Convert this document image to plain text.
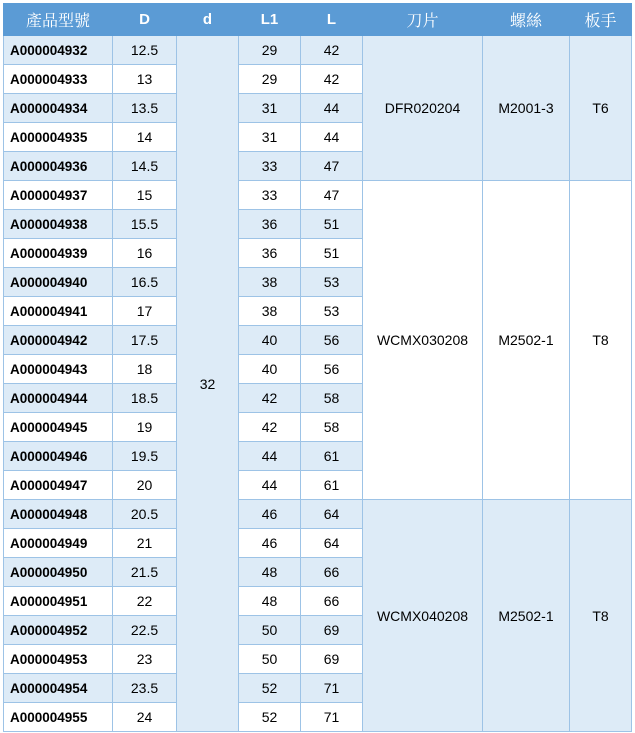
產品型號	D	d	L1	L	刀片	螺絲	板手
A000004932	12.5	32	29	42	DFR020204	M2001-3	T6
A000004933	13		29	42			
A000004934	13.5		31	44			
A000004935	14		31	44			
A000004936	14.5		33	47			
A000004937	15		33	47	WCMX030208	M2502-1	T8
A000004938	15.5		36	51			
A000004939	16		36	51			
A000004940	16.5		38	53			
A000004941	17		38	53			
A000004942	17.5		40	56			
A000004943	18		40	56			
A000004944	18.5		42	58			
A000004945	19		42	58			
A000004946	19.5		44	61			
A000004947	20		44	61			
A000004948	20.5		46	64	WCMX040208	M2502-1	T8
A000004949	21		46	64			
A000004950	21.5		48	66			
A000004951	22		48	66			
A000004952	22.5		50	69			
A000004953	23		50	69			
A000004954	23.5		52	71			
A000004955	24		52	71			
